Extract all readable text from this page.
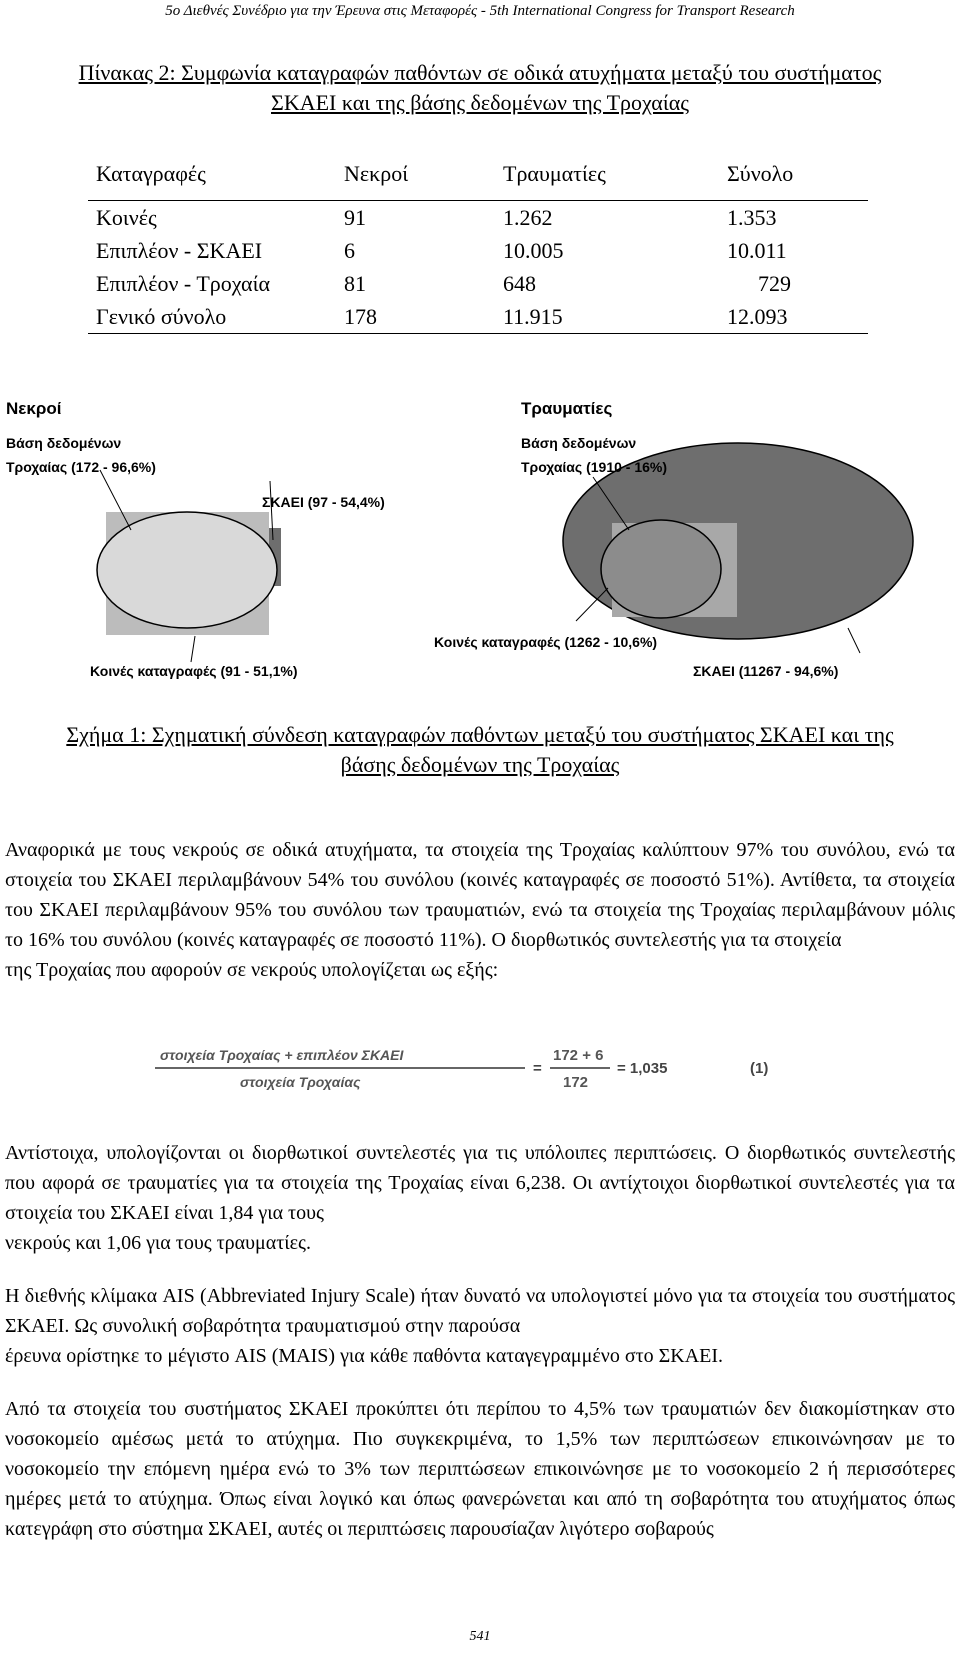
5ο Διεθνές Συνέδριο για την Έρευνα στις Μεταφορές - 5th International Congress for Transport Research
Πίνακας 2: Συμφωνία καταγραφών παθόντων σε οδικά ατυχήματα μεταξύ του συστήματος
ΣΚΑΕΙ και της βάσης δεδομένων της Τροχαίας
Καταγραφές	Νεκροί	Τραυματίες	Σύνολο
Κοινές	91	1.262	1.353
Επιπλέον - ΣΚΑΕΙ	6	10.005	10.011
Επιπλέον - Τροχαία	81	648	729
Γενικό σύνολο	178	11.915	12.093
Νεκροί
Βάση δεδομένων
Τροχαίας (172 - 96,6%)
ΣΚΑΕΙ (97 - 54,4%)
Κοινές καταγραφές (91 - 51,1%)
Τραυματίες
Βάση δεδομένων
Τροχαίας (1910 - 16%)
Κοινές καταγραφές (1262 - 10,6%)
ΣΚΑΕΙ (11267 - 94,6%)
Σχήμα 1: Σχηματική σύνδεση καταγραφών παθόντων μεταξύ του συστήματος ΣΚΑΕΙ και της
βάσης δεδομένων της Τροχαίας
Αναφορικά με τους νεκρούς σε οδικά ατυχήματα, τα στοιχεία της Τροχαίας καλύπτουν 97% του συνόλου, ενώ τα στοιχεία του ΣΚΑΕΙ περιλαμβάνουν 54% του συνόλου (κοινές καταγραφές σε ποσοστό 51%). Αντίθετα, τα στοιχεία του ΣΚΑΕΙ περιλαμβάνουν 95% του συνόλου των τραυματιών, ενώ τα στοιχεία της Τροχαίας περιλαμβάνουν μόλις το 16% του συνόλου (κοινές καταγραφές σε ποσοστό 11%). Ο διορθωτικός συντελεστής για τα στοιχεία
της Τροχαίας που αφορούν σε νεκρούς υπολογίζεται ως εξής:
στοιχεία Τροχαίας + επιπλέον ΣΚΑΕΙ
στοιχεία Τροχαίας
=
172 + 6
172
= 1,035	(1)
Αντίστοιχα, υπολογίζονται οι διορθωτικοί συντελεστές για τις υπόλοιπες περιπτώσεις. Ο διορθωτικός συντελεστής που αφορά σε τραυματίες για τα στοιχεία της Τροχαίας είναι 6,238. Οι αντίχτοιχοι διορθωτικοί συντελεστές για τα στοιχεία του ΣΚΑΕΙ είναι 1,84 για τους
νεκρούς και 1,06 για τους τραυματίες.
Η διεθνής κλίμακα AIS (Abbreviated Injury Scale) ήταν δυνατό να υπολογιστεί μόνο για τα στοιχεία του συστήματος ΣΚΑΕΙ. Ως συνολική σοβαρότητα τραυματισμού στην παρούσα
έρευνα ορίστηκε το μέγιστο AIS (MAIS) για κάθε παθόντα καταγεγραμμένο στο ΣΚΑΕΙ.
Από τα στοιχεία του συστήματος ΣΚΑΕΙ προκύπτει ότι περίπου το 4,5% των τραυματιών δεν διακομίστηκαν στο νοσοκομείο αμέσως μετά το ατύχημα. Πιο συγκεκριμένα, το 1,5% των περιπτώσεων επικοινώνησαν με το νοσοκομείο την επόμενη ημέρα ενώ το 3% των περιπτώσεων επικοινώνησε με το νοσοκομείο 2 ή περισσότερες ημέρες μετά το ατύχημα. Όπως είναι λογικό και όπως φανερώνεται και από τη σοβαρότητα του ατυχήματος όπως κατεγράφη στο σύστημα ΣΚΑΕΙ, αυτές οι περιπτώσεις παρουσίαζαν λιγότερο σοβαρούς
541
